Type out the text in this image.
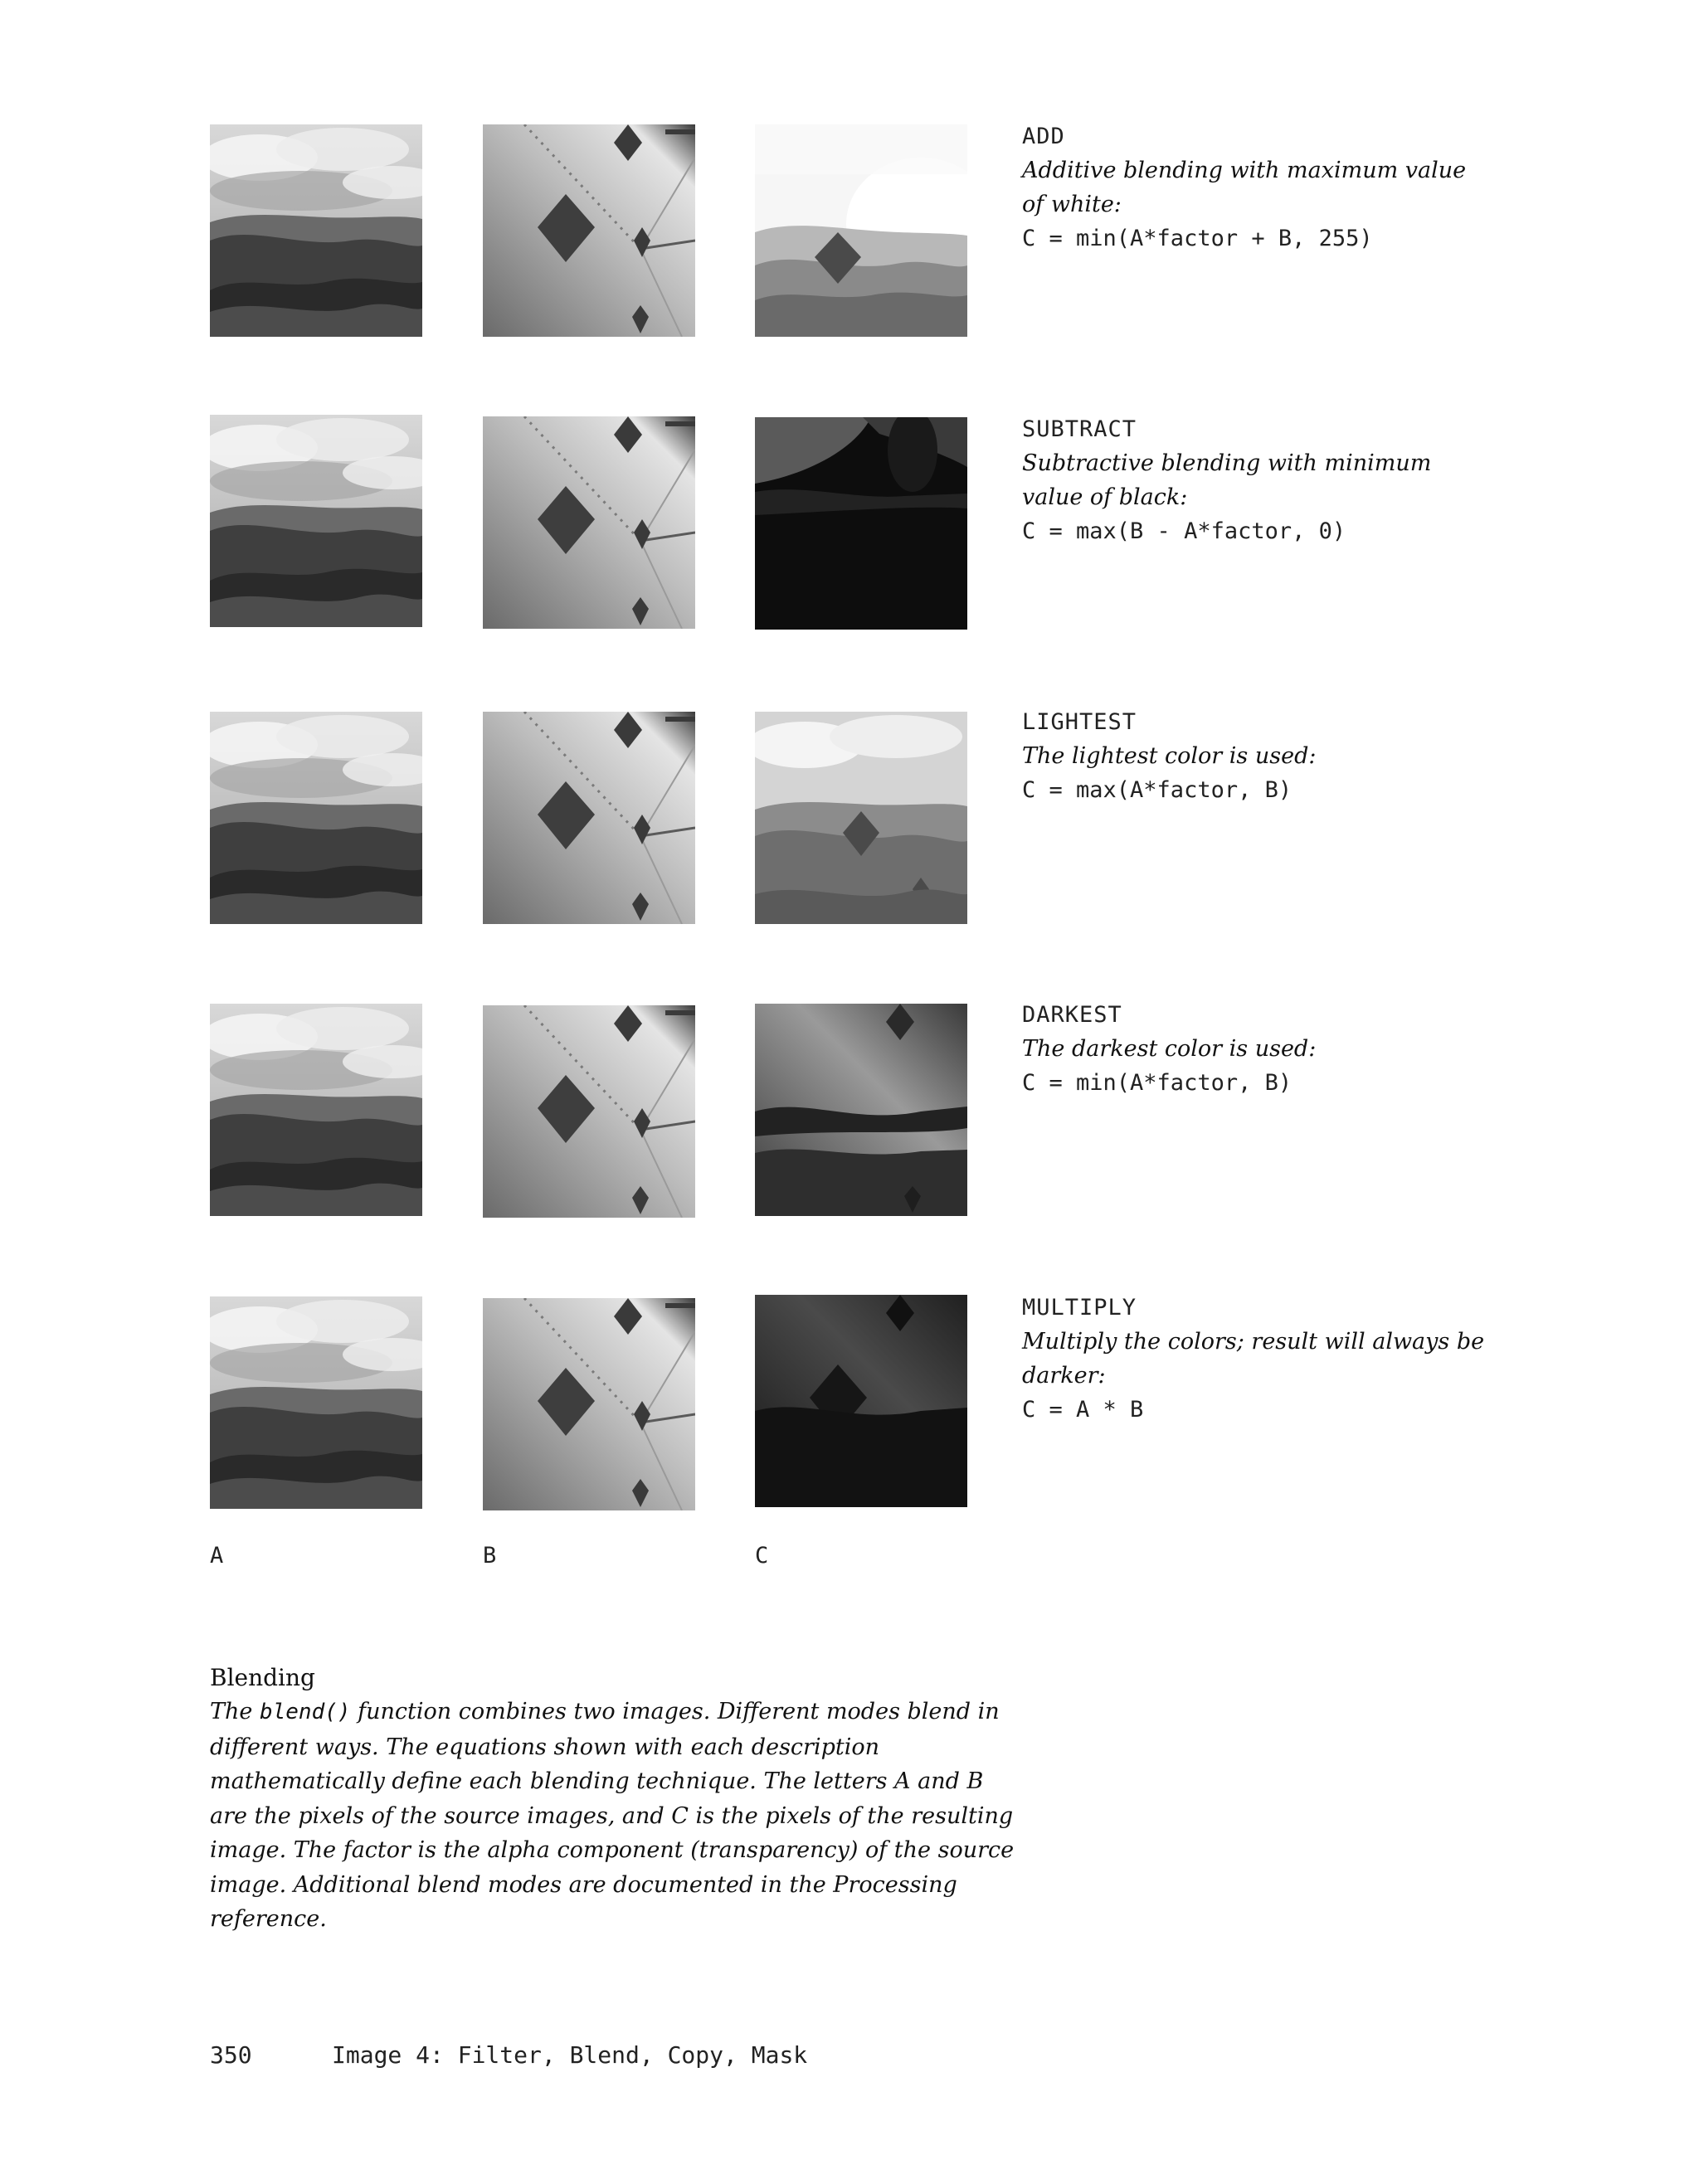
ADD
Additive blending with maximum value of white:
C = min(A*factor + B, 255)
SUBTRACT
Subtractive blending with minimum value of black:
C = max(B - A*factor, 0)
LIGHTEST
The lightest color is used:
C = max(A*factor, B)
DARKEST
The darkest color is used:
C = min(A*factor, B)
MULTIPLY
Multiply the colors; result will always be darker:
C = A * B
A	B	C
Blending
The blend() function combines two images. Different modes blend in different ways. The equations shown with each description mathematically define each blending technique. The letters A and B are the pixels of the source images, and C is the pixels of the resulting image. The factor is the alpha component (transparency) of the source image. Additional blend modes are documented in the Processing reference.
350	Image 4: Filter, Blend, Copy, Mask
